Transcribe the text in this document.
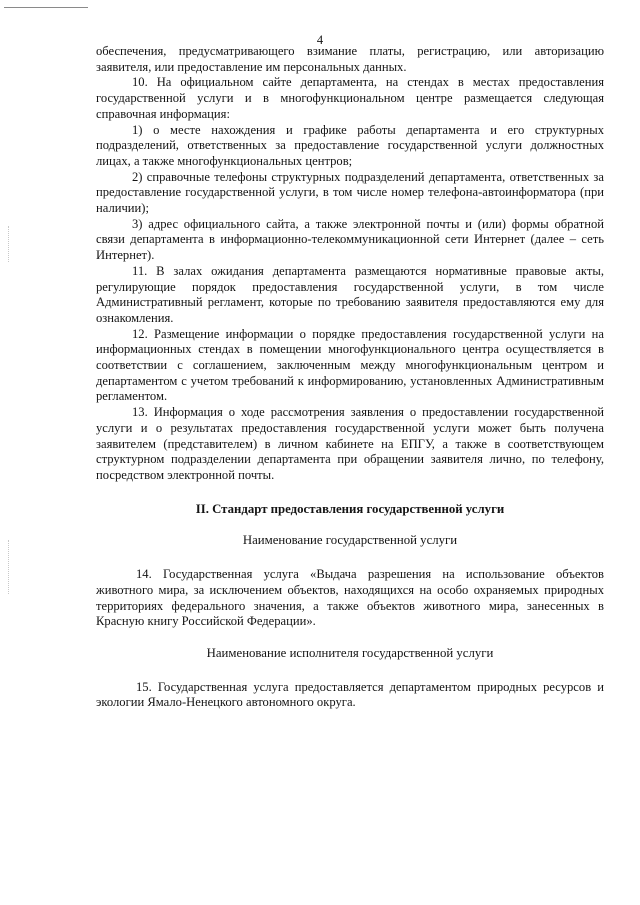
4

обеспечения, предусматривающего взимание платы, регистрацию, или авторизацию заявителя, или предоставление им персональных данных.

10. На официальном сайте департамента, на стендах в местах предоставления государственной услуги и в многофункциональном центре размещается следующая справочная информация:

1) о месте нахождения и графике работы департамента и его структурных подразделений, ответственных за предоставление государственной услуги должностных лицах, а также многофункциональных центров;

2) справочные телефоны структурных подразделений департамента, ответственных за предоставление государственной услуги, в том числе номер телефона-автоинформатора (при наличии);

3) адрес официального сайта, а также электронной почты и (или) формы обратной связи департамента в информационно-телекоммуникационной сети Интернет (далее – сеть Интернет).

11. В залах ожидания департамента размещаются нормативные правовые акты, регулирующие порядок предоставления государственной услуги, в том числе Административный регламент, которые по требованию заявителя предоставляются ему для ознакомления.

12. Размещение информации о порядке предоставления государственной услуги на информационных стендах в помещении многофункционального центра осуществляется в соответствии с соглашением, заключенным между многофункциональным центром и департаментом с учетом требований к информированию, установленных Административным регламентом.

13. Информация о ходе рассмотрения заявления о предоставлении государственной услуги и о результатах предоставления государственной услуги может быть получена заявителем (представителем) в личном кабинете на ЕПГУ, а также в соответствующем структурном подразделении департамента при обращении заявителя лично, по телефону, посредством электронной почты.

II. Стандарт предоставления государственной услуги
Наименование государственной услуги

14. Государственная услуга «Выдача разрешения на использование объектов животного мира, за исключением объектов, находящихся на особо охраняемых природных территориях федерального значения, а также объектов животного мира, занесенных в Красную книгу Российской Федерации».

Наименование исполнителя государственной услуги

15. Государственная услуга предоставляется департаментом природных ресурсов и экологии Ямало-Ненецкого автономного округа.
